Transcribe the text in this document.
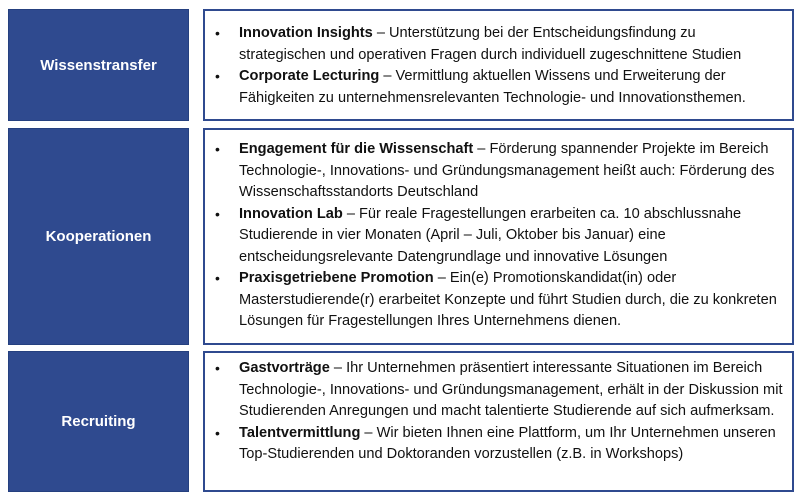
Wissenstransfer
• Innovation Insights – Unterstützung bei der Entscheidungsfindung zu strategischen und operativen Fragen durch individuell zugeschnittene Studien
• Corporate Lecturing – Vermittlung aktuellen Wissens und Erweiterung der Fähigkeiten zu unternehmensrelevanten Technologie- und Innovationsthemen.
Kooperationen
• Engagement für die Wissenschaft – Förderung spannender Projekte im Bereich Technologie-, Innovations- und Gründungsmanagement heißt auch: Förderung des Wissenschaftsstandorts Deutschland
• Innovation Lab – Für reale Fragestellungen erarbeiten ca. 10 abschlussnahe Studierende in vier Monaten (April – Juli, Oktober bis Januar) eine entscheidungsrelevante Datengrundlage und innovative Lösungen
• Praxisgetriebene Promotion – Ein(e) Promotionskandidat(in) oder Masterstudierende(r) erarbeitet Konzepte und führt Studien durch, die zu konkreten Lösungen für Fragestellungen Ihres Unternehmens dienen.
Recruiting
• Gastvorträge – Ihr Unternehmen präsentiert interessante Situationen im Bereich Technologie-, Innovations- und Gründungsmanagement, erhält in der Diskussion mit Studierenden Anregungen und macht talentierte Studierende auf sich aufmerksam.
• Talentvermittlung – Wir bieten Ihnen eine Plattform, um Ihr Unternehmen unseren Top-Studierenden und Doktoranden vorzustellen (z.B. in Workshops)
